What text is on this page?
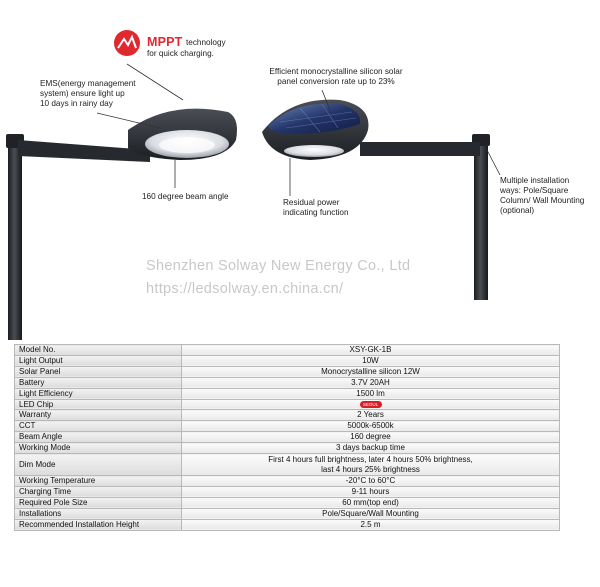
MPPT technology
for quick charging.
EMS(energy management
system) ensure light up
10 days in rainy day
Efficient monocrystalline silicon solar
panel conversion rate up to 23%
160 degree beam angle
Residual power
indicating function
Multiple installation
ways: Pole/Square
Column/ Wall Mounting
(optional)
Shenzhen Solway New Energy Co., Ltd
https://ledsolway.en.china.cn/
Model No.	XSY-GK-1B
Light Output	10W
Solar Panel	Monocrystalline silicon 12W
Battery	3.7V 20AH
Light Efficiency	1500 lm
LED Chip	SEOUL
Warranty	2 Years
CCT	5000k-6500k
Beam Angle	160 degree
Working Mode	3 days backup time
Dim Mode	First 4 hours full brightness, later 4 hours 50% brightness,
last 4 hours 25% brightness

Working Temperature	-20°C to 60°C
Charging Time	9-11 hours
Required Pole Size	60 mm(top end)
Installations	Pole/Square/Wall Mounting
Recommended Installation Height	2.5 m
